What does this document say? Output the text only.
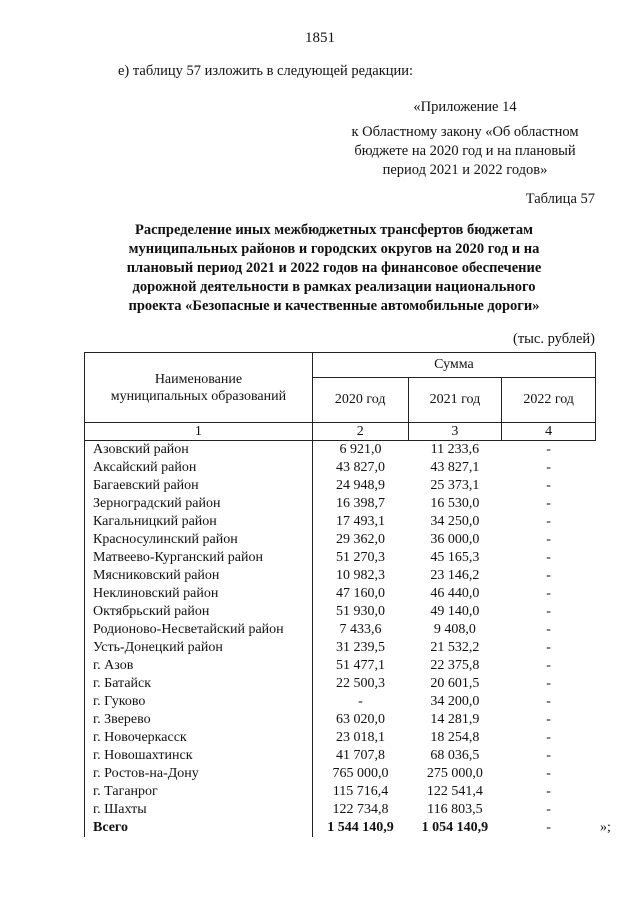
1851
е) таблицу 57 изложить в следующей редакции:
«Приложение 14
к Областному закону «Об областном
бюджете на 2020 год и на плановый
период 2021 и 2022 годов»
Таблица 57
Распределение иных межбюджетных трансфертов бюджетам
муниципальных районов и городских округов на 2020 год и на
плановый период 2021 и 2022 годов на финансовое обеспечение
дорожной деятельности в рамках реализации национального
проекта «Безопасные и качественные автомобильные дороги»
(тыс. рублей)
Наименование
муниципальных образований	Сумма		
	2020 год	2021 год	2022 год
1	2	3	4
Азовский район	6 921,0	11 233,6	-
Аксайский район	43 827,0	43 827,1	-
Багаевский район	24 948,9	25 373,1	-
Зерноградский район	16 398,7	16 530,0	-
Кагальницкий район	17 493,1	34 250,0	-
Красносулинский район	29 362,0	36 000,0	-
Матвеево-Курганский район	51 270,3	45 165,3	-
Мясниковский район	10 982,3	23 146,2	-
Неклиновский район	47 160,0	46 440,0	-
Октябрьский район	51 930,0	49 140,0	-
Родионово-Несветайский район	7 433,6	9 408,0	-
Усть-Донецкий район	31 239,5	21 532,2	-
г. Азов	51 477,1	22 375,8	-
г. Батайск	22 500,3	20 601,5	-
г. Гуково	-	34 200,0	-
г. Зверево	63 020,0	14 281,9	-
г. Новочеркасск	23 018,1	18 254,8	-
г. Новошахтинск	41 707,8	68 036,5	-
г. Ростов-на-Дону	765 000,0	275 000,0	-
г. Таганрог	115 716,4	122 541,4	-
г. Шахты	122 734,8	116 803,5	-
Всего	1 544 140,9	1 054 140,9	-	»;
